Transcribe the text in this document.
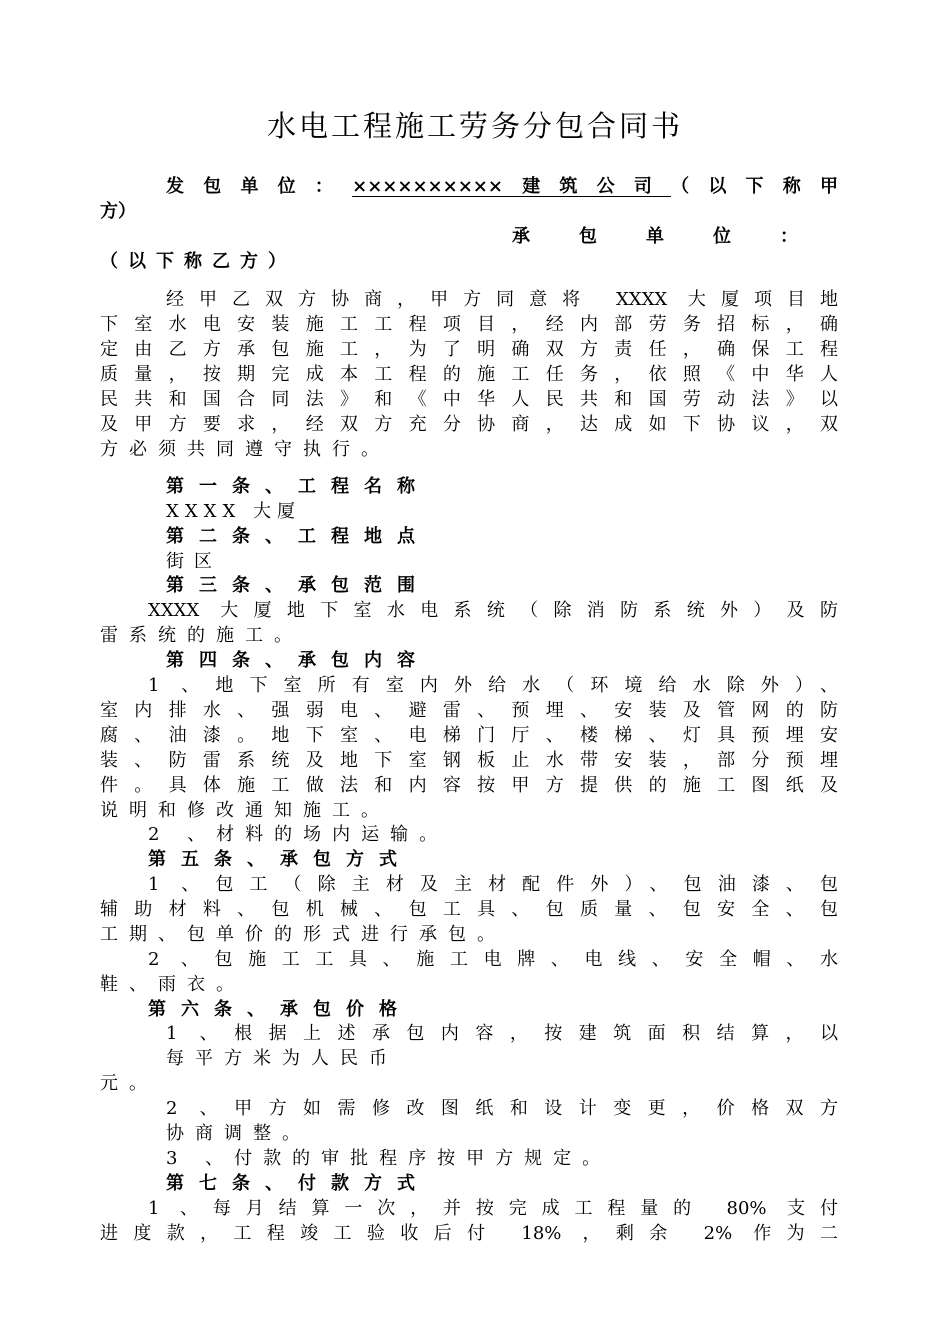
水电工程施工劳务分包合同书
发包单位：××××××××××建筑公司（以下称甲
方）
承包单位：
（以下称乙方）
经甲乙双方协商，甲方同意将 XXXX 大厦项目地
下室水电安装施工工程项目，经内部劳务招标，确
定由乙方承包施工，为了明确双方责任，确保工程
质量，按期完成本工程的施工任务，依照《中华人
民共和国合同法》和《中华人民共和国劳动法》以
及甲方要求，经双方充分协商，达成如下协议，双
方必须共同遵守执行。
第一条、工程名称
XXXX 大厦
第二条、工程地点
街区
第三条、承包范围
XXXX 大厦地下室水电系统（除消防系统外）及防
雷系统的施工。
第四条、承包内容
1 、地下室所有室内外给水（环境给水除外）、
室内排水、强弱电、避雷、预埋、安装及管网的防
腐、油漆。地下室、电梯门厅、楼梯、灯具预埋安
装、防雷系统及地下室钢板止水带安装，部分预埋
件。具体施工做法和内容按甲方提供的施工图纸及
说明和修改通知施工。
2 、材料的场内运输。
第五条、承包方式
1 、包工（除主材及主材配件外）、包油漆、包
辅助材料、包机械、包工具、包质量、包安全、包
工期、包单价的形式进行承包。
2 、包施工工具、施工电牌、电线、安全帽、水
鞋、雨衣。
第六条、承包价格
1 、根据上述承包内容，按建筑面积结算，以
每平方米为人民币
元。
2 、甲方如需修改图纸和设计变更，价格双方
协商调整。
3 、付款的审批程序按甲方规定。
第七条、付款方式
1 、每月结算一次，并按完成工程量的 80% 支付
进度款，工程竣工验收后付 18% ，剩余 2% 作为二
